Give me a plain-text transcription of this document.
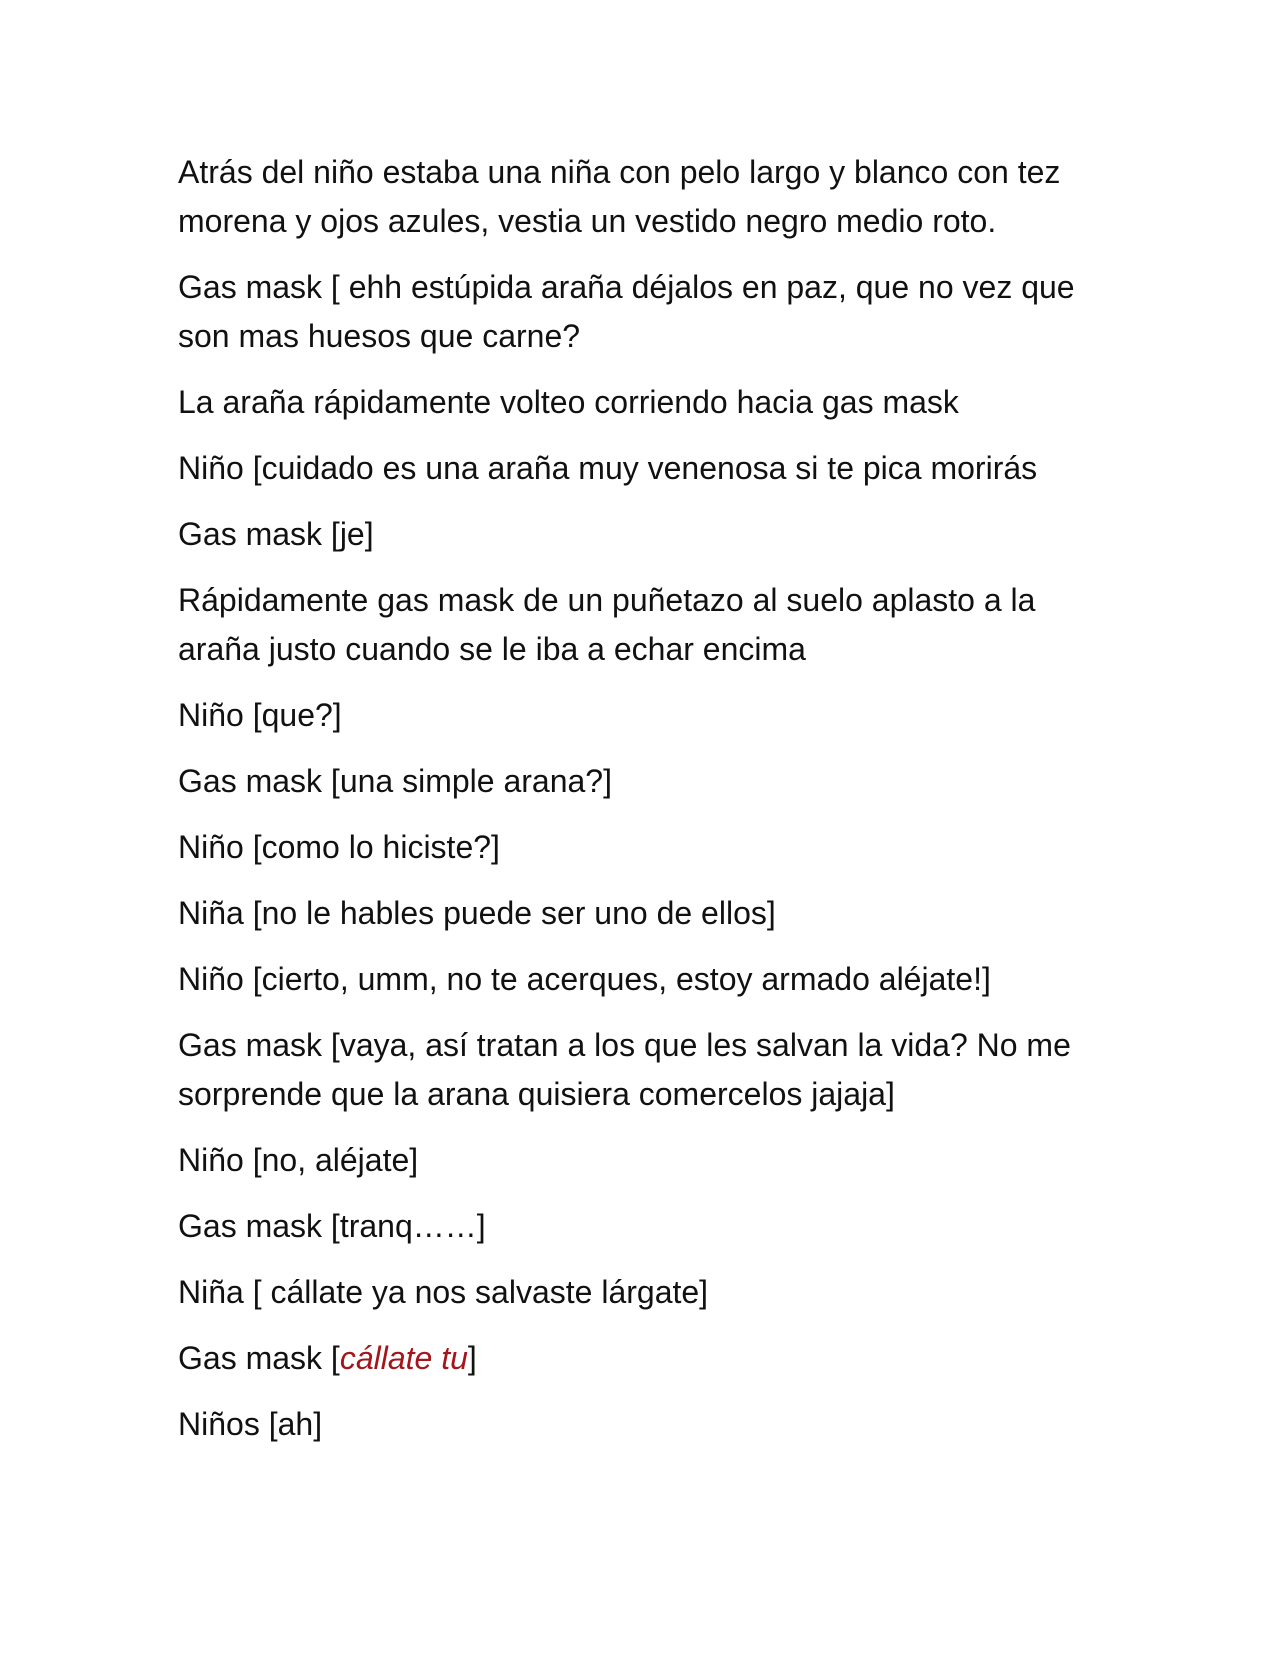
Atrás del niño estaba una niña con pelo largo y blanco con tez morena y ojos azules, vestia un vestido negro medio roto.

Gas mask [ ehh estúpida araña déjalos en paz, que no vez que son mas huesos que carne?

La araña rápidamente volteo corriendo hacia gas mask

Niño [cuidado es una araña muy venenosa si te pica morirás

Gas mask [je]

Rápidamente gas mask de un puñetazo al suelo aplasto a la araña justo cuando se le iba a echar encima

Niño [que?]

Gas mask [una simple arana?]

Niño [como lo hiciste?]

Niña [no le hables puede ser uno de ellos]

Niño [cierto, umm, no te acerques, estoy armado aléjate!]

Gas mask [vaya, así tratan a los que les salvan la vida? No me sorprende que la arana quisiera comercelos jajaja]

Niño [no, aléjate]

Gas mask [tranq……]

Niña [ cállate ya nos salvaste lárgate]

Gas mask [cállate tu]

Niños [ah]
